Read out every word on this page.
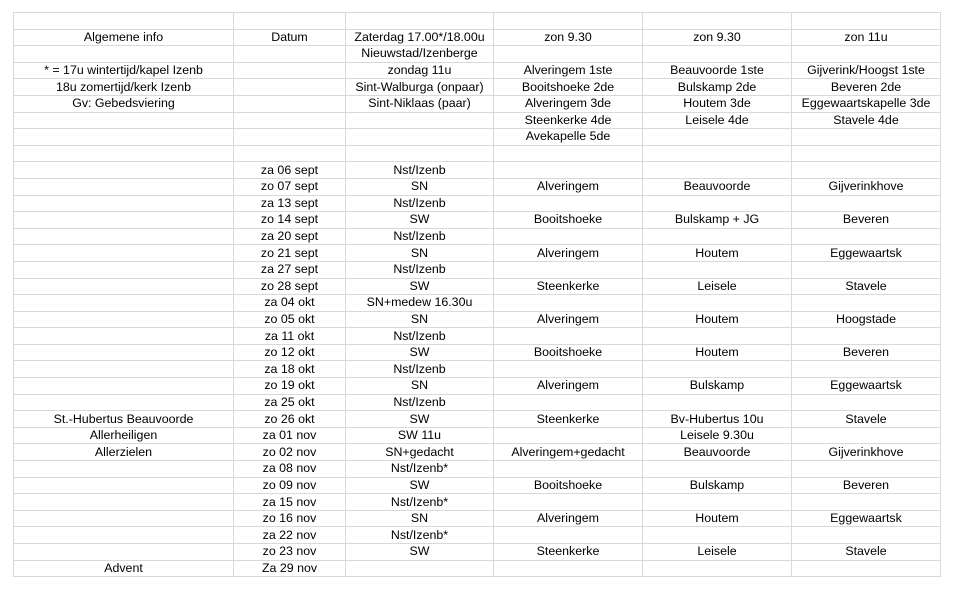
Algemene info	Datum	Zaterdag 17.00*/18.00u	zon 9.30	zon 9.30	zon 11u
		Nieuwstad/Izenberge			
* = 17u wintertijd/kapel Izenb		zondag 11u	Alveringem 1ste	Beauvoorde 1ste	Gijverink/Hoogst 1ste
18u zomertijd/kerk Izenb		Sint-Walburga (onpaar)	Booitshoeke 2de	Bulskamp 2de	Beveren 2de
Gv: Gebedsviering		Sint-Niklaas (paar)	Alveringem 3de	Houtem 3de	Eggewaartskapelle 3de
			Steenkerke 4de	Leisele 4de	Stavele 4de
			Avekapelle 5de		

	za 06 sept	Nst/Izenb			
	zo 07 sept	SN	Alveringem	Beauvoorde	Gijverinkhove
	za 13 sept	Nst/Izenb			
	zo 14 sept	SW	Booitshoeke	Bulskamp + JG	Beveren
	za 20 sept	Nst/Izenb			
	zo 21 sept	SN	Alveringem	Houtem	Eggewaartsk
	za 27 sept	Nst/Izenb			
	zo 28 sept	SW	Steenkerke	Leisele	Stavele
	za 04 okt	SN+medew 16.30u			
	zo 05 okt	SN	Alveringem	Houtem	Hoogstade
	za 11 okt	Nst/Izenb			
	zo 12 okt	SW	Booitshoeke	Houtem	Beveren
	za 18 okt	Nst/Izenb			
	zo 19 okt	SN	Alveringem	Bulskamp	Eggewaartsk
	za 25 okt	Nst/Izenb			
St.-Hubertus Beauvoorde	zo 26 okt	SW	Steenkerke	Bv-Hubertus 10u	Stavele
Allerheiligen	za 01 nov	SW 11u		Leisele 9.30u	
Allerzielen	zo 02 nov	SN+gedacht	Alveringem+gedacht	Beauvoorde	Gijverinkhove
	za 08 nov	Nst/Izenb*			
	zo 09 nov	SW	Booitshoeke	Bulskamp	Beveren
	za 15 nov	Nst/Izenb*			
	zo 16 nov	SN	Alveringem	Houtem	Eggewaartsk
	za 22 nov	Nst/Izenb*			
	zo 23 nov	SW	Steenkerke	Leisele	Stavele
Advent	Za 29 nov				
